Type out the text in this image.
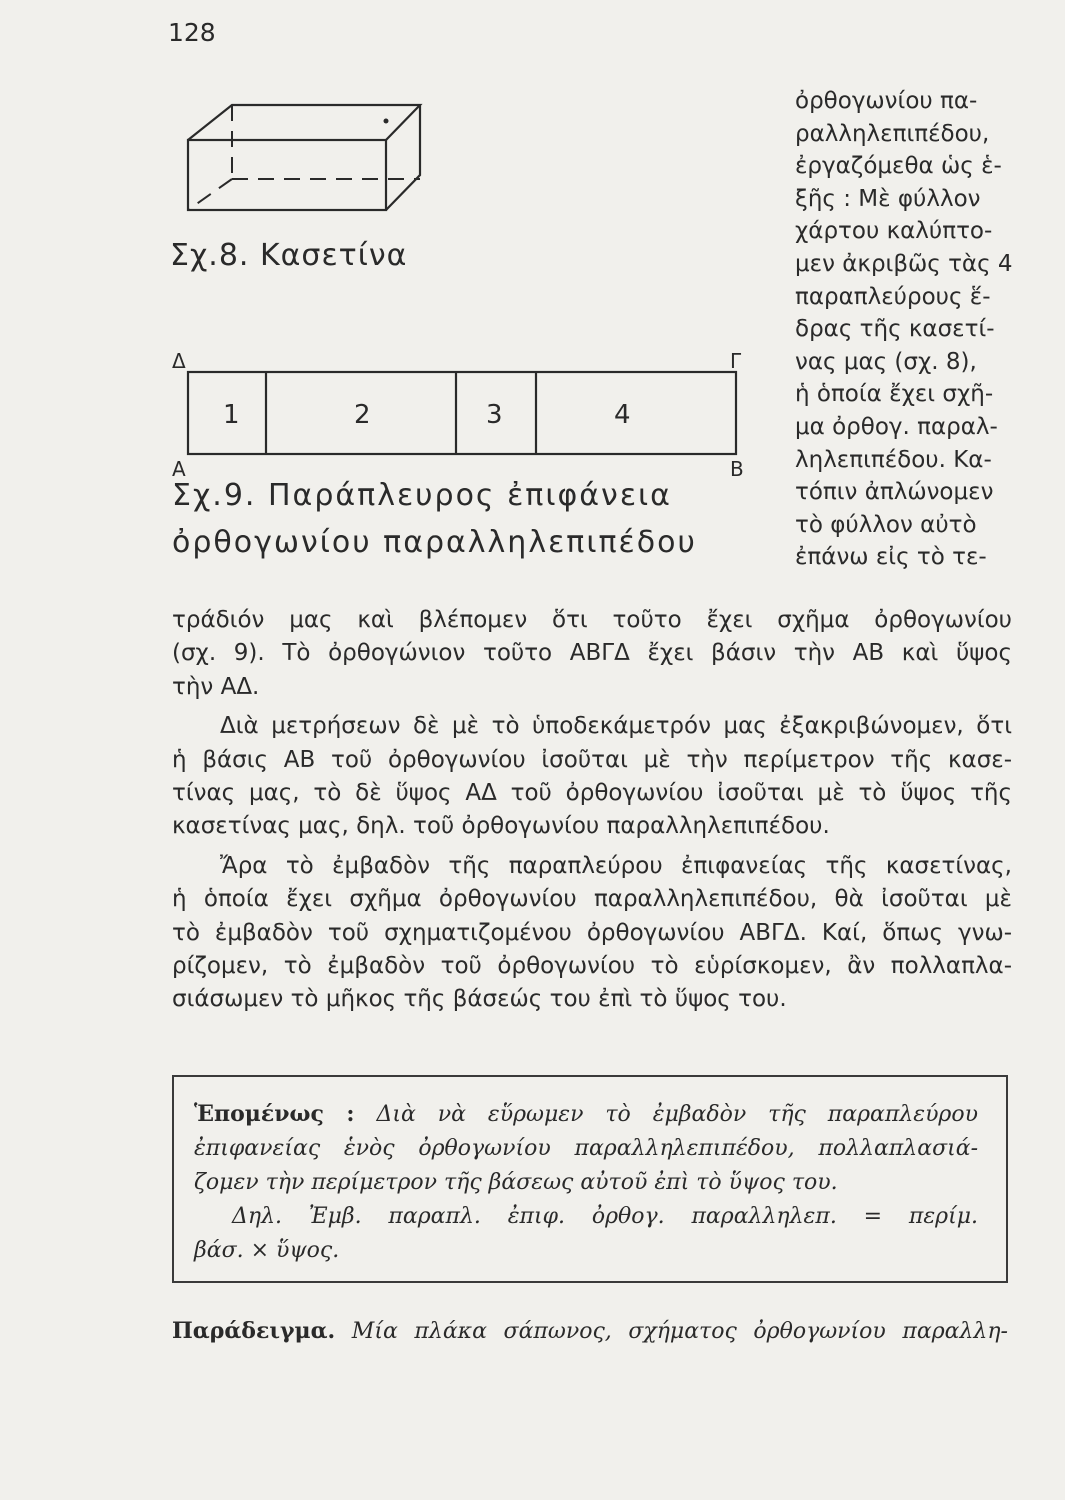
128
Σχ.8. Κασετίνα
Δ	Γ
Α	Β
1	2	3	4
Σχ.9. Παράπλευρος ἐπιφάνεια
ὀρθογωνίου παραλληλεπιπέδου
ὀρθογωνίου πα-
ραλληλεπιπέδου,
ἐργαζόμεθα ὡς ἑ-
ξῆς : Μὲ φύλλον
χάρτου καλύπτο-
μεν ἀκριβῶς τὰς 4
παραπλεύρους ἕ-
δρας τῆς κασετί-
νας μας (σχ. 8),
ἡ ὁποία ἔχει σχῆ-
μα ὀρθογ. παραλ-
ληλεπιπέδου. Κα-
τόπιν ἀπλώνομεν
τὸ φύλλον αὐτὸ
ἐπάνω εἰς τὸ τε-
τράδιόν μας καὶ βλέπομεν ὅτι τοῦτο ἔχει σχῆμα ὀρθογωνίου
(σχ. 9). Τὸ ὀρθογώνιον τοῦτο ΑΒΓΔ ἔχει βάσιν τὴν ΑΒ καὶ ὕψος
τὴν ΑΔ.
Διὰ μετρήσεων δὲ μὲ τὸ ὑποδεκάμετρόν μας ἐξακριβώνομεν, ὅτι
ἡ βάσις ΑΒ τοῦ ὀρθογωνίου ἰσοῦται μὲ τὴν περίμετρον τῆς κασε-
τίνας μας, τὸ δὲ ὕψος ΑΔ τοῦ ὀρθογωνίου ἰσοῦται μὲ τὸ ὕψος τῆς
κασετίνας μας, δηλ. τοῦ ὀρθογωνίου παραλληλεπιπέδου.
Ἄρα τὸ ἐμβαδὸν τῆς παραπλεύρου ἐπιφανείας τῆς κασετίνας,
ἡ ὁποία ἔχει σχῆμα ὀρθογωνίου παραλληλεπιπέδου, θὰ ἰσοῦται μὲ
τὸ ἐμβαδὸν τοῦ σχηματιζομένου ὀρθογωνίου ΑΒΓΔ. Καί, ὅπως γνω-
ρίζομεν, τὸ ἐμβαδὸν τοῦ ὀρθογωνίου τὸ εὑρίσκομεν, ἂν πολλαπλα-
σιάσωμεν τὸ μῆκος τῆς βάσεώς του ἐπὶ τὸ ὕψος του.
Ἑπομένως : Διὰ νὰ εὕρωμεν τὸ ἐμβαδὸν τῆς παραπλεύρου
ἐπιφανείας ἑνὸς ὀρθογωνίου παραλληλεπιπέδου, πολλαπλασιά-
ζομεν τὴν περίμετρον τῆς βάσεως αὐτοῦ ἐπὶ τὸ ὕψος του.
Δηλ. Ἐμβ. παραπλ. ἐπιφ. ὀρθογ. παραλληλεπ. = περίμ.
βάσ. × ὕψος.
Παράδειγμα. Μία πλάκα σάπωνος, σχήματος ὀρθογωνίου παραλλη-
